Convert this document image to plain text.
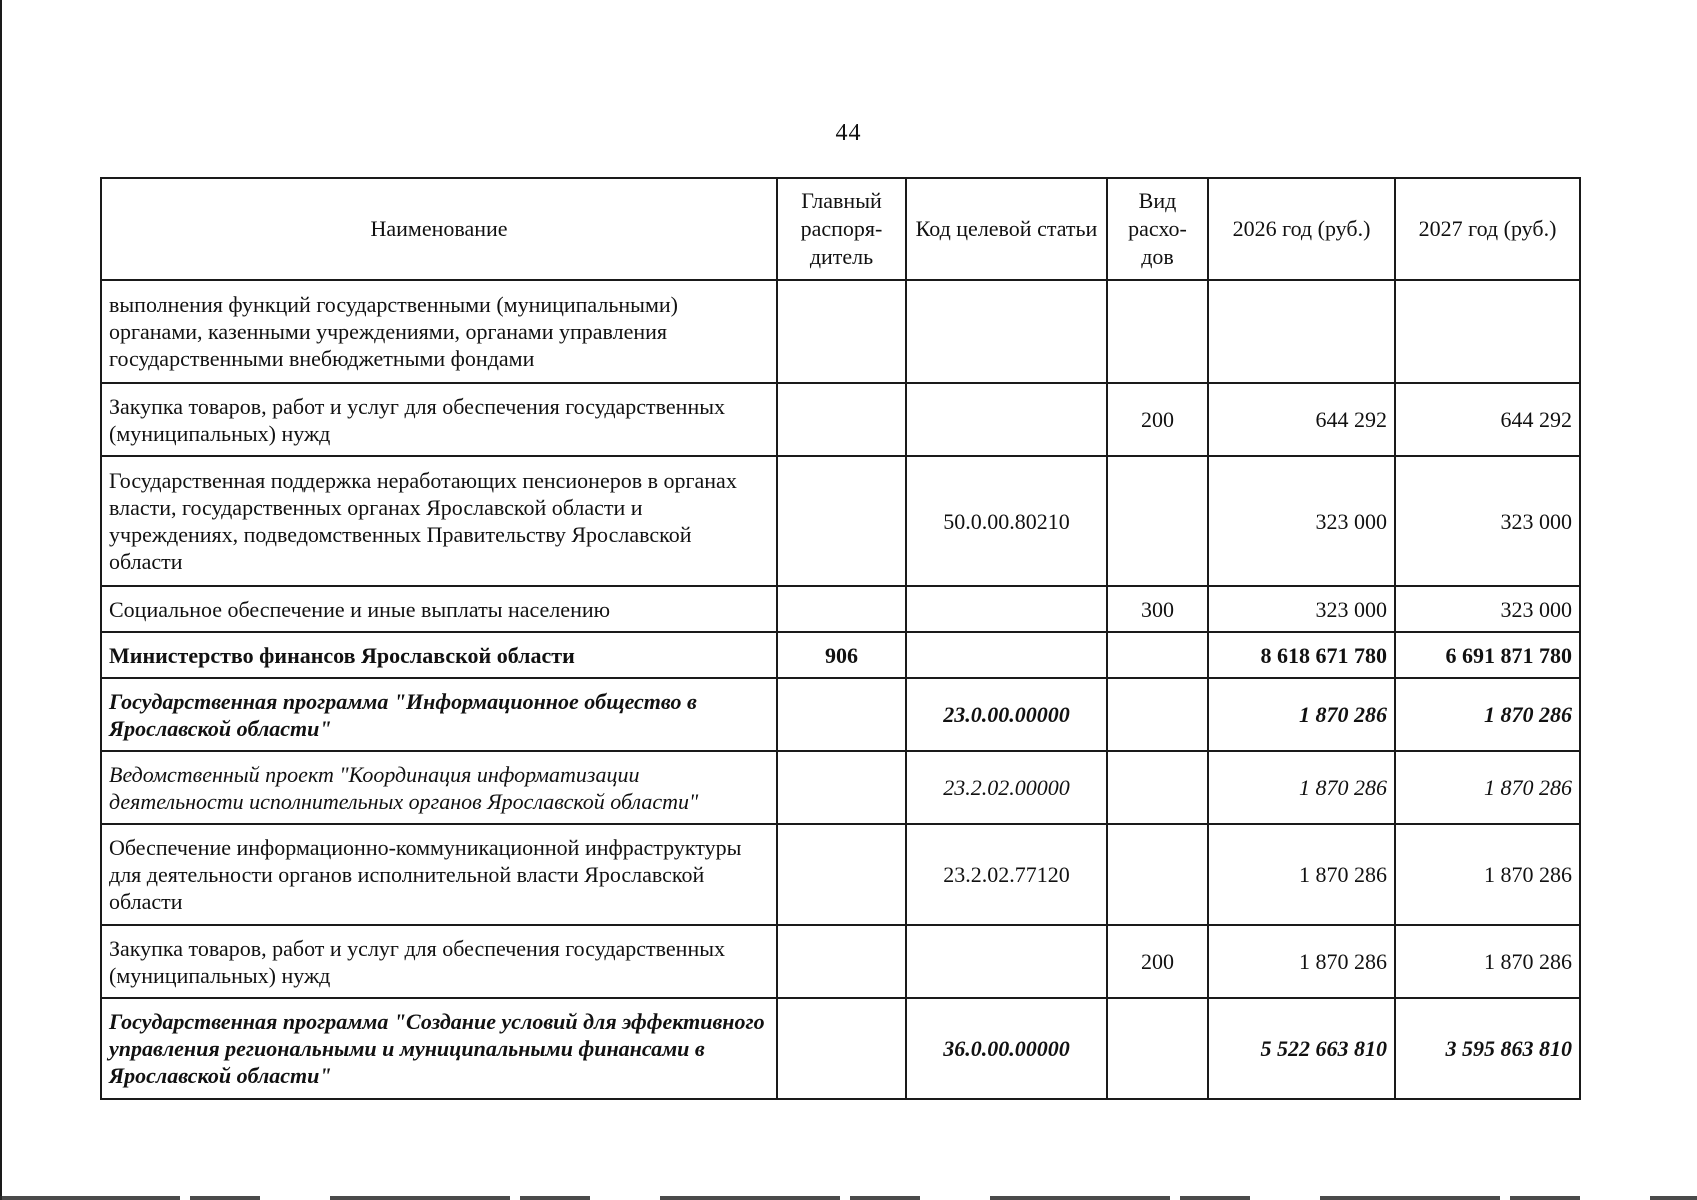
44
Наименование	Главный распоря-дитель	Код целевой статьи	Вид расхо-дов	2026 год (руб.)	2027 год (руб.)
выполнения функций государственными (муниципальными) органами, казенными учреждениями, органами управления государственными внебюджетными фондами					
Закупка товаров, работ и услуг для обеспечения государственных (муниципальных) нужд			200	644 292	644 292
Государственная поддержка неработающих пенсионеров в органах власти, государственных органах Ярославской области и учреждениях, подведомственных Правительству Ярославской области		50.0.00.80210		323 000	323 000
Социальное обеспечение и иные выплаты населению			300	323 000	323 000
Министерство финансов Ярославской области	906			8 618 671 780	6 691 871 780
Государственная программа "Информационное общество в Ярославской области"		23.0.00.00000		1 870 286	1 870 286
Ведомственный проект "Координация информатизации деятельности исполнительных органов Ярославской области"		23.2.02.00000		1 870 286	1 870 286
Обеспечение информационно-коммуникационной инфраструктуры для деятельности органов исполнительной власти Ярославской области		23.2.02.77120		1 870 286	1 870 286
Закупка товаров, работ и услуг для обеспечения государственных (муниципальных) нужд			200	1 870 286	1 870 286
Государственная программа "Создание условий для эффективного управления региональными и муниципальными финансами в Ярославской области"		36.0.00.00000		5 522 663 810	3 595 863 810
